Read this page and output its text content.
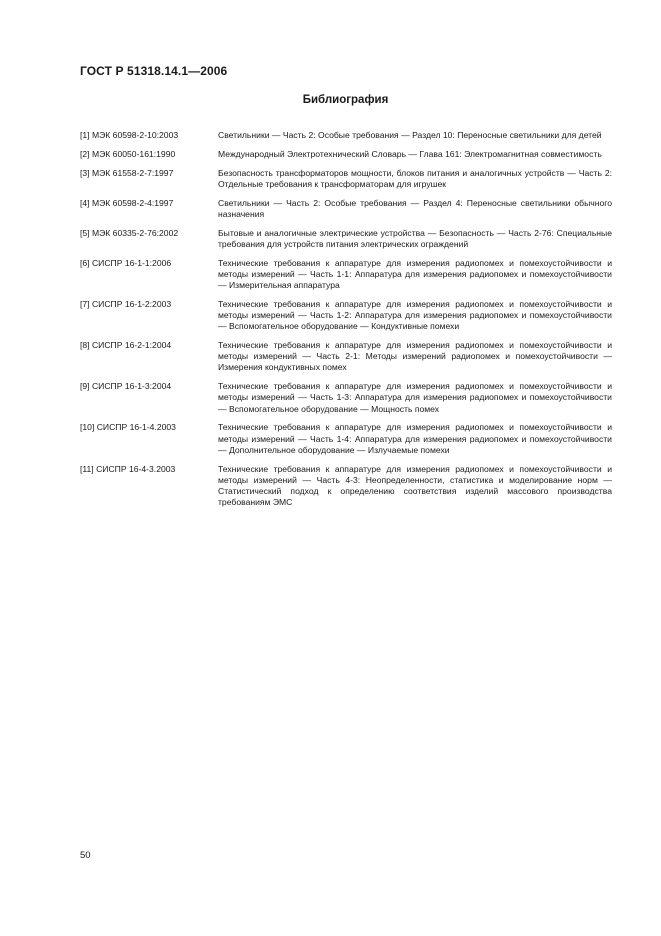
ГОСТ Р 51318.14.1—2006
Библиография
[1] МЭК 60598-2-10:2003	Светильники — Часть 2: Особые требования — Раздел 10: Переносные светильники для детей
[2] МЭК 60050-161:1990	Международный Электротехнический Словарь — Глава 161: Электромагнитная совместимость
[3] МЭК 61558-2-7:1997	Безопасность трансформаторов мощности, блоков питания и аналогичных устройств — Часть 2: Отдельные требования к трансформаторам для игрушек
[4] МЭК 60598-2-4:1997	Светильники — Часть 2: Особые требования — Раздел 4: Переносные светильники обычного назначения
[5] МЭК 60335-2-76:2002	Бытовые и аналогичные электрические устройства — Безопасность — Часть 2-76: Специальные требования для устройств питания электрических ограждений
[6] СИСПР 16-1-1:2006	Технические требования к аппаратуре для измерения радиопомех и помехоустойчивости и методы измерений — Часть 1-1: Аппаратура для измерения радиопомех и помехоустойчивости — Измерительная аппаратура
[7] СИСПР 16-1-2:2003	Технические требования к аппаратуре для измерения радиопомех и помехоустойчивости и методы измерений — Часть 1-2: Аппаратура для измерения радиопомех и помехоустойчивости — Вспомогательное оборудование — Кондуктивные помехи
[8] СИСПР 16-2-1:2004	Технические требования к аппаратуре для измерения радиопомех и помехоустойчивости и методы измерений — Часть 2-1: Методы измерений радиопомех и помехоустойчивости — Измерения кондуктивных помех
[9] СИСПР 16-1-3:2004	Технические требования к аппаратуре для измерения радиопомех и помехоустойчивости и методы измерений — Часть 1-3: Аппаратура для измерения радиопомех и помехоустойчивости — Вспомогательное оборудование — Мощность помех
[10] СИСПР 16-1-4.2003	Технические требования к аппаратуре для измерения радиопомех и помехоустойчивости и методы измерений — Часть 1-4: Аппаратура для измерения радиопомех и помехоустойчивости — Дополнительное оборудование — Излучаемые помехи
[11] СИСПР 16-4-3.2003	Технические требования к аппаратуре для измерения радиопомех и помехоустойчивости и методы измерений — Часть 4-3: Неопределенности, статистика и моделирование норм — Статистический подход к определению соответствия изделий массового производства требованиям ЭМС
50
